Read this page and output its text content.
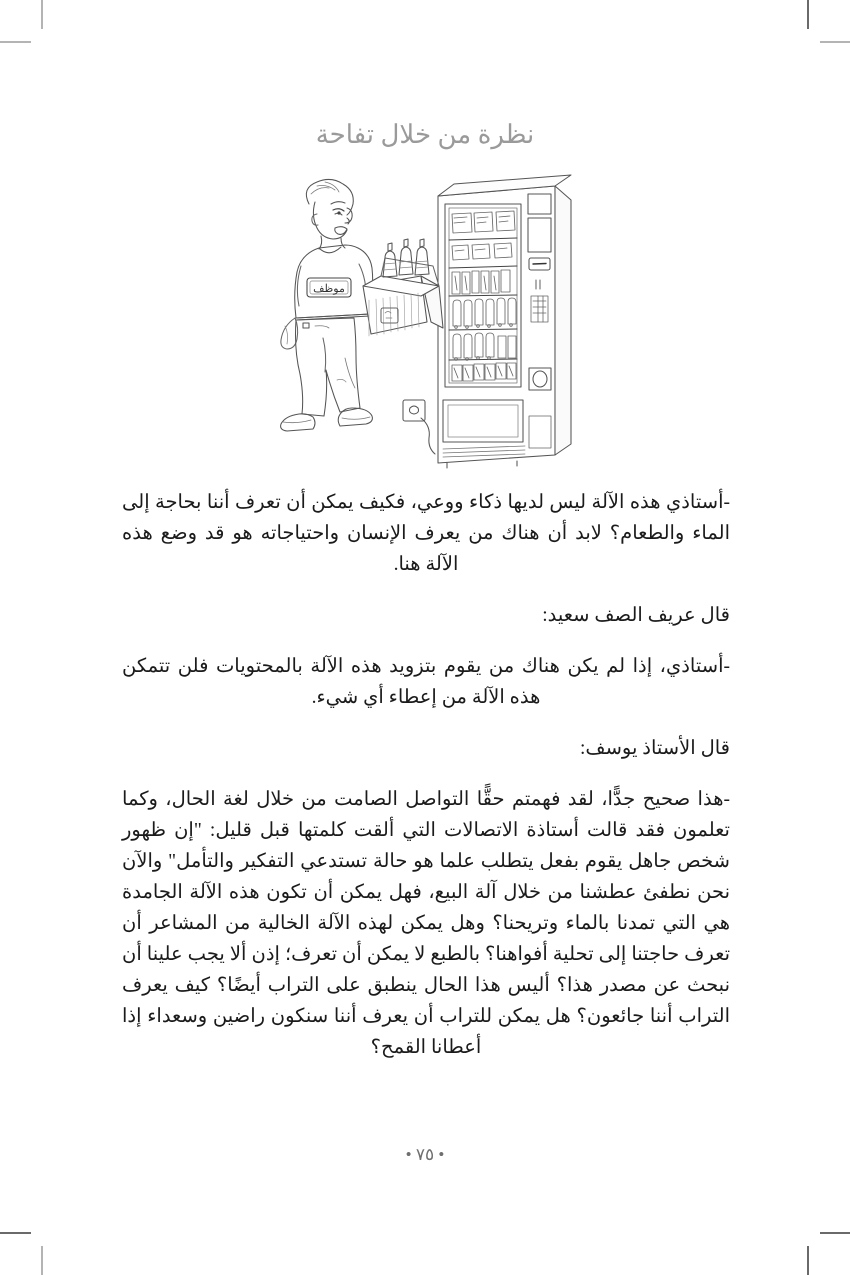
نظرة من خلال تفاحة
موظف

-أستاذي هذه الآلة ليس لديها ذكاء ووعي، فكيف يمكن أن تعرف أننا بحاجة إلى الماء والطعام؟ لابد أن هناك من يعرف الإنسان واحتياجاته هو قد وضع هذه الآلة هنا.

قال عريف الصف سعيد:

-أستاذي، إذا لم يكن هناك من يقوم بتزويد هذه الآلة بالمحتويات فلن تتمكن هذه الآلة من إعطاء أي شيء.

قال الأستاذ يوسف:

-هذا صحيح جدًّا، لقد فهمتم حقًّا التواصل الصامت من خلال لغة الحال، وكما تعلمون فقد قالت أستاذة الاتصالات التي ألقت كلمتها قبل قليل: "إن ظهور شخص جاهل يقوم بفعل يتطلب علما هو حالة تستدعي التفكير والتأمل" والآن نحن نطفئ عطشنا من خلال آلة البيع، فهل يمكن أن تكون هذه الآلة الجامدة هي التي تمدنا بالماء وتريحنا؟ وهل يمكن لهذه الآلة الخالية من المشاعر أن تعرف حاجتنا إلى تحلية أفواهنا؟ بالطبع لا يمكن أن تعرف؛ إذن ألا يجب علينا أن نبحث عن مصدر هذا؟ أليس هذا الحال ينطبق على التراب أيضًا؟ كيف يعرف التراب أننا جائعون؟ هل يمكن للتراب أن يعرف أننا سنكون راضين وسعداء إذا أعطانا القمح؟

• ٧٥ •
